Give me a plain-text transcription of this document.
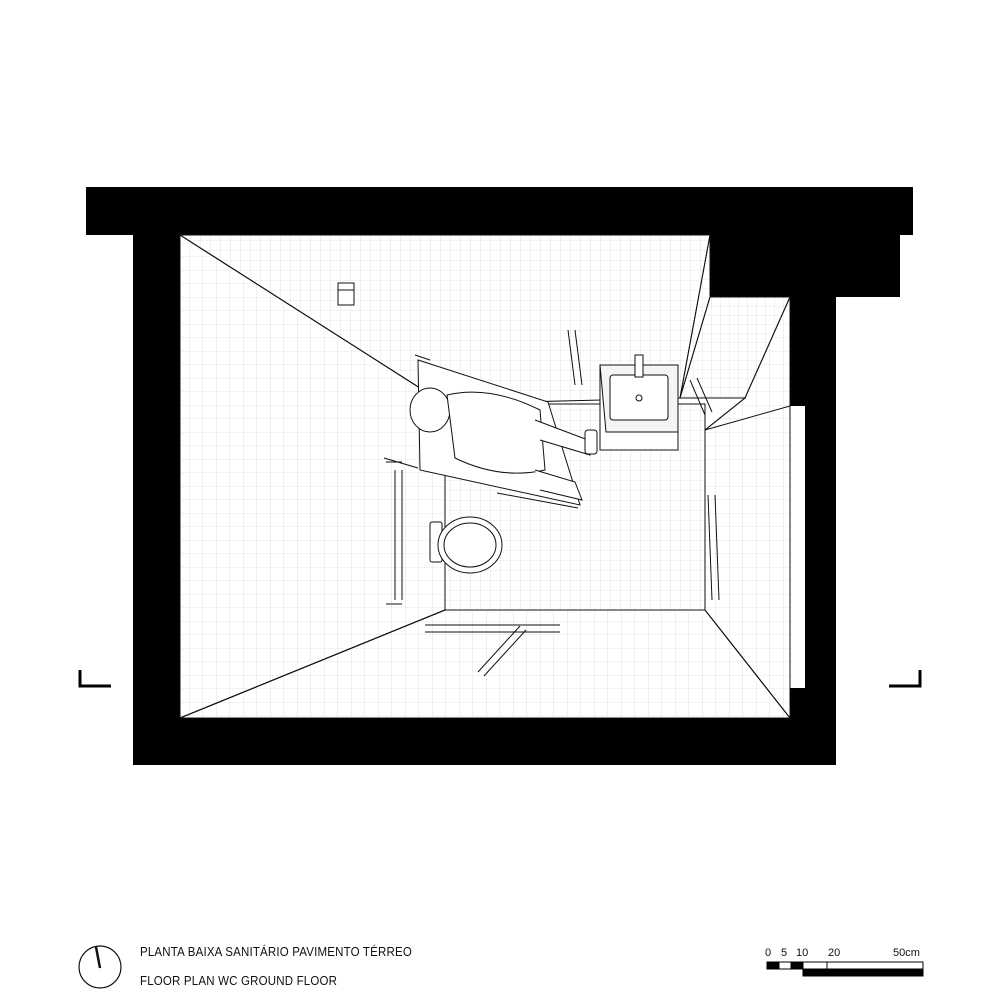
PLANTA BAIXA SANITÁRIO PAVIMENTO TÉRREO
FLOOR PLAN WC GROUND FLOOR
0 5 10 20	50cm
